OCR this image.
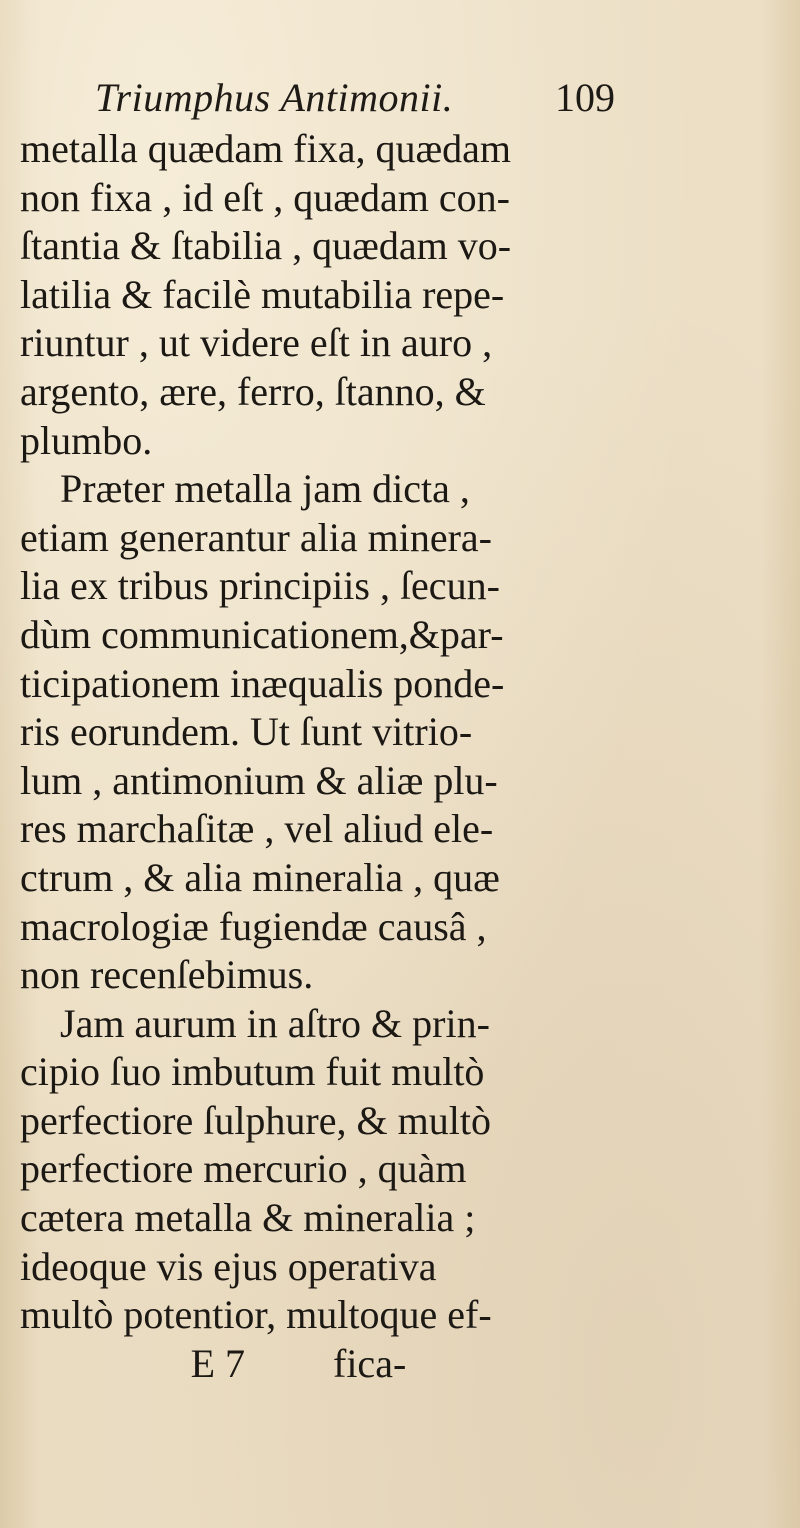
Triumphus Antimonii.	109
metalla quædam fixa, quædam
non fixa , id eſt , quædam con-
ſtantia & ſtabilia , quædam vo-
latilia & facilè mutabilia repe-
riuntur , ut videre eſt in auro ,
argento, ære, ferro, ſtanno, &
plumbo.
Præter metalla jam dicta ,
etiam generantur alia minera-
lia ex tribus principiis , ſecun-
dùm communicationem,&par-
ticipationem inæqualis ponde-
ris eorundem. Ut ſunt vitrio-
lum , antimonium & aliæ plu-
res marchaſitæ , vel aliud ele-
ctrum , & alia mineralia , quæ
macrologiæ fugiendæ causâ ,
non recenſebimus.
Jam aurum in aſtro & prin-
cipio ſuo imbutum fuit multò
perfectiore ſulphure, & multò
perfectiore mercurio , quàm
cætera metalla & mineralia ;
ideoque vis ejus operativa
multò potentior, multoque ef-
E 7 fica-
